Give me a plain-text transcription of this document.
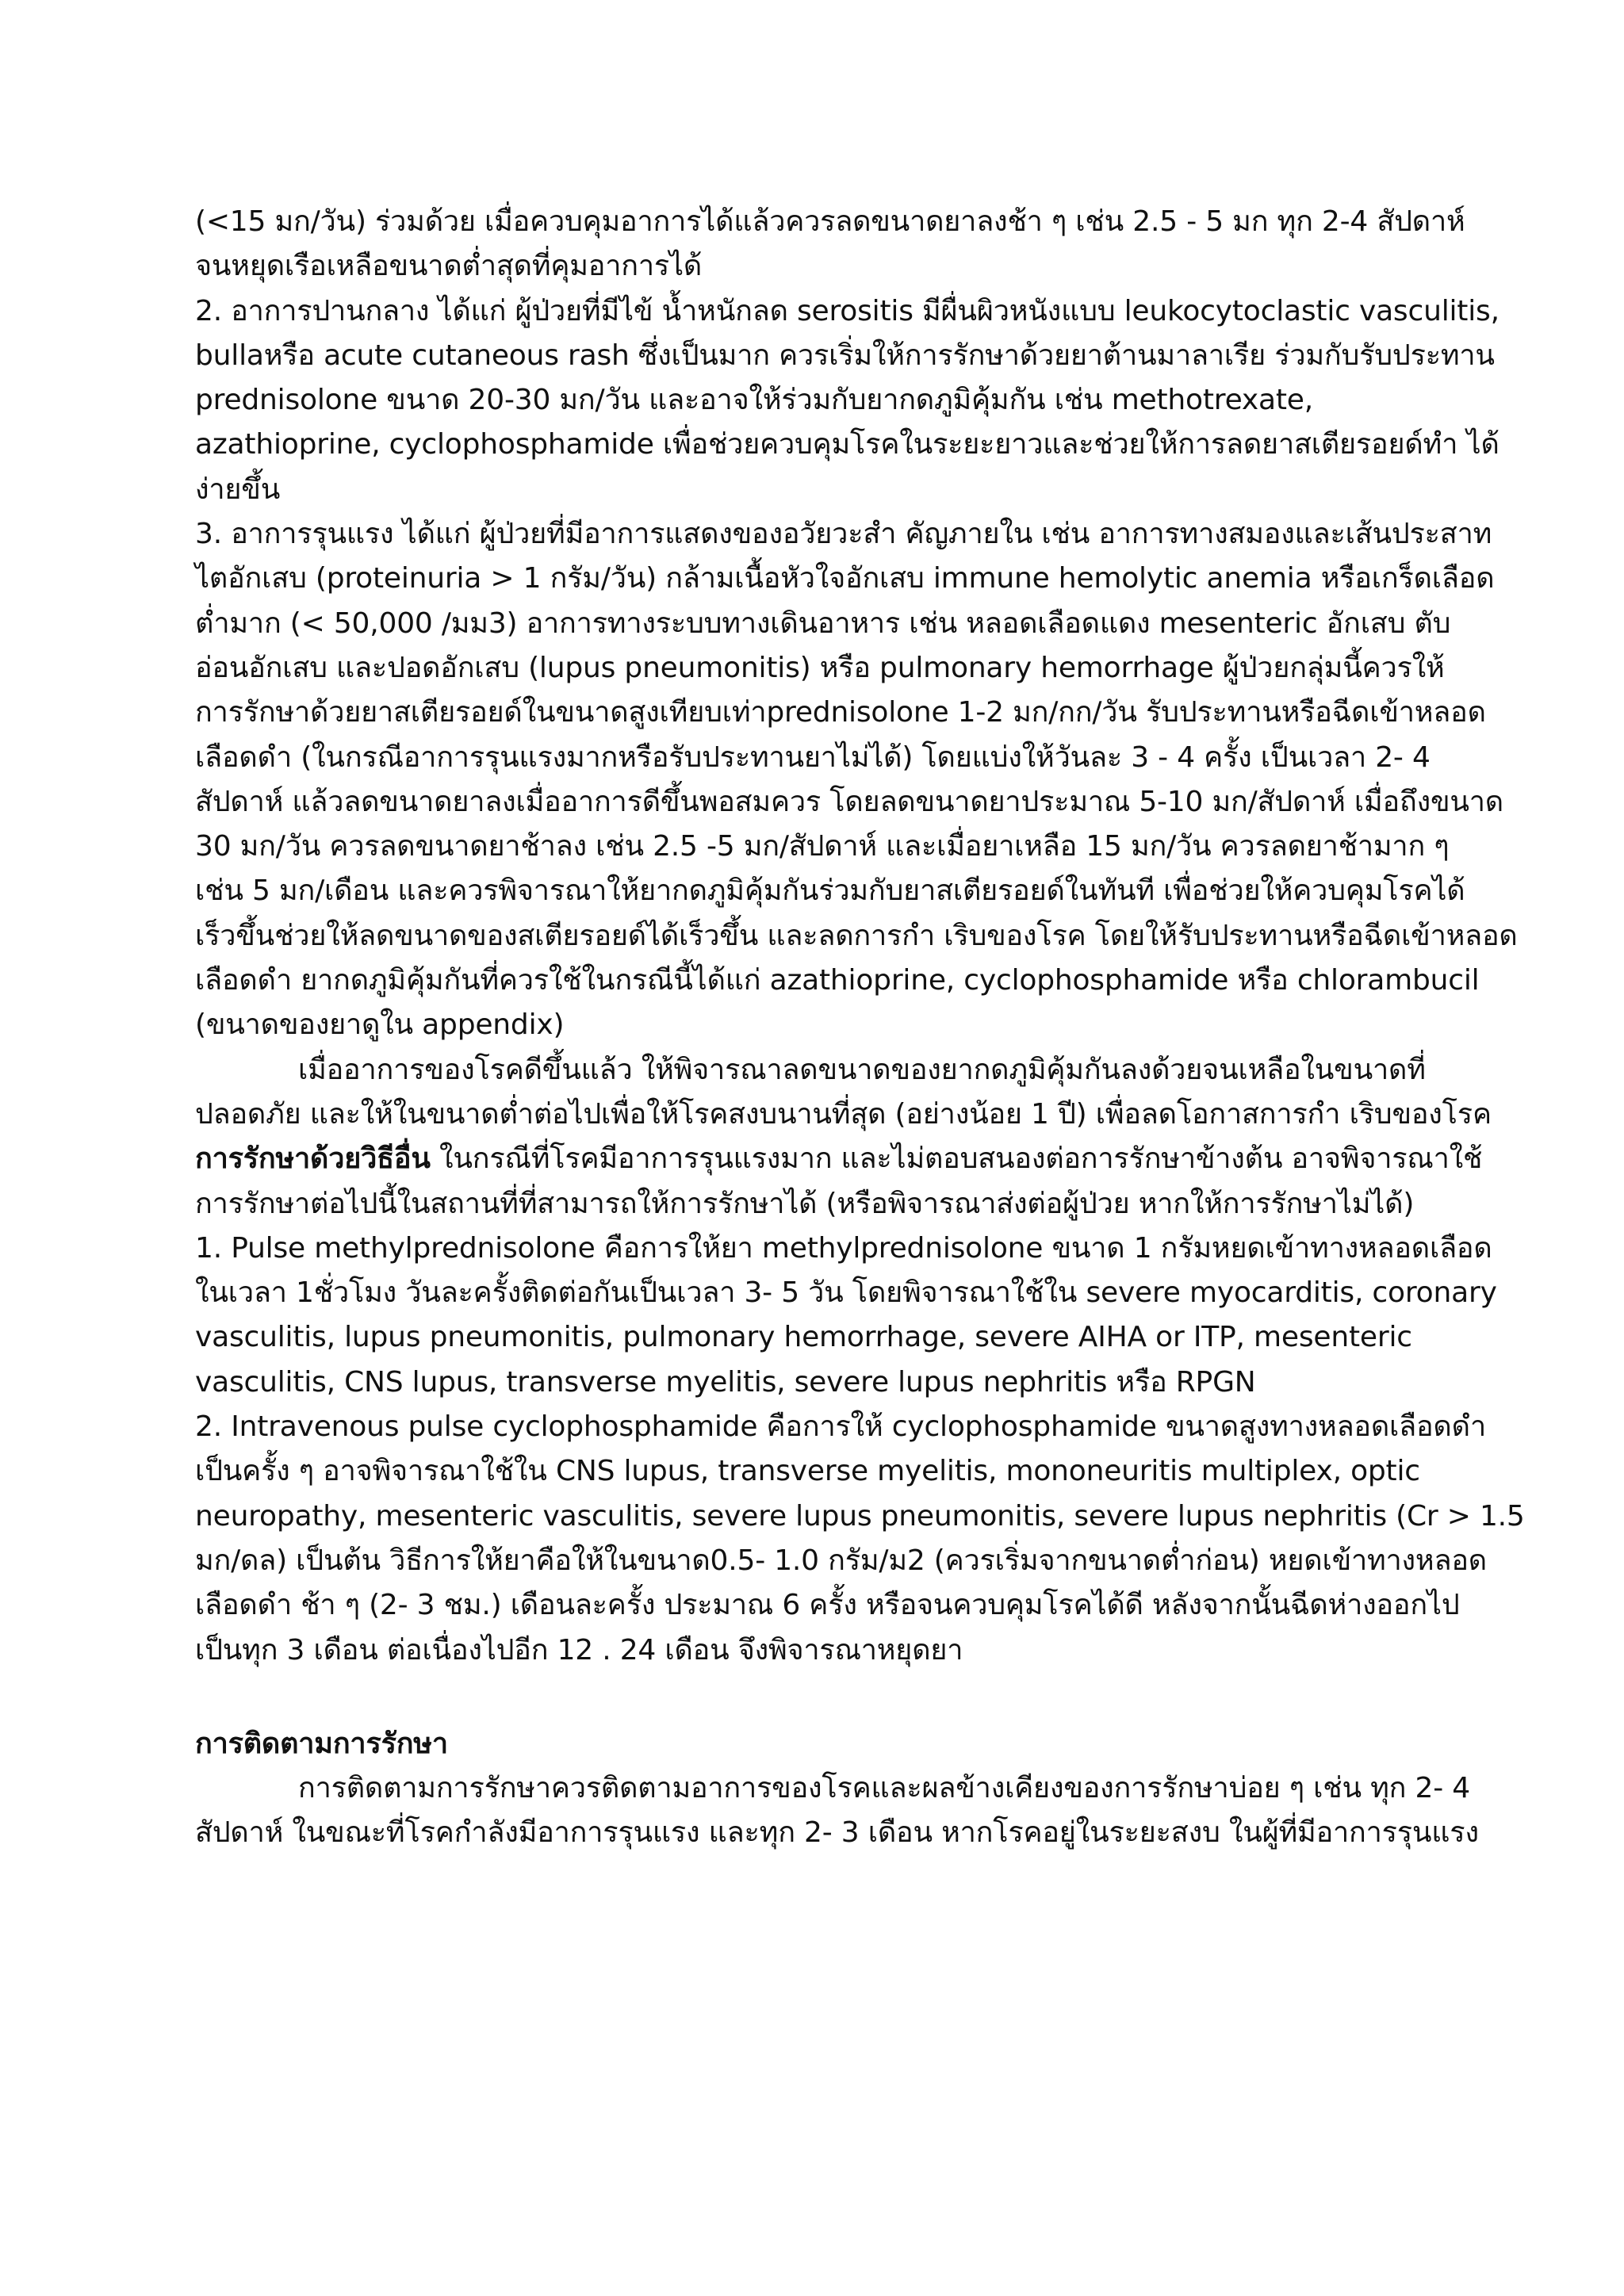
(<15 มก/วัน) ร่วมด้วย เมื่อควบคุมอาการได้แล้วควรลดขนาดยาลงช้า ๆ เช่น 2.5 - 5 มก ทุก 2-4 สัปดาห์
จนหยุดเรือเหลือขนาดต่ำสุดที่คุมอาการได้
2. อาการปานกลาง ได้แก่ ผู้ป่วยที่มีไข้ น้ำหนักลด serositis มีผื่นผิวหนังแบบ leukocytoclastic vasculitis,
bullaหรือ acute cutaneous rash ซึ่งเป็นมาก ควรเริ่มให้การรักษาด้วยยาต้านมาลาเรีย ร่วมกับรับประทาน
prednisolone ขนาด 20-30 มก/วัน และอาจให้ร่วมกับยากดภูมิคุ้มกัน เช่น methotrexate,
azathioprine, cyclophosphamide เพื่อช่วยควบคุมโรคในระยะยาวและช่วยให้การลดยาสเตียรอยด์ทำ ได้
ง่ายขึ้น
3. อาการรุนแรง ได้แก่ ผู้ป่วยที่มีอาการแสดงของอวัยวะสำ คัญภายใน เช่น อาการทางสมองและเส้นประสาท
ไตอักเสบ (proteinuria > 1 กรัม/วัน) กล้ามเนื้อหัวใจอักเสบ immune hemolytic anemia หรือเกร็ดเลือด
ต่ำมาก (< 50,000 /มม3) อาการทางระบบทางเดินอาหาร เช่น หลอดเลือดแดง mesenteric อักเสบ ตับ
อ่อนอักเสบ และปอดอักเสบ (lupus pneumonitis) หรือ pulmonary hemorrhage ผู้ป่วยกลุ่มนี้ควรให้
การรักษาด้วยยาสเตียรอยด์ในขนาดสูงเทียบเท่าprednisolone 1-2 มก/กก/วัน รับประทานหรือฉีดเข้าหลอด
เลือดดำ (ในกรณีอาการรุนแรงมากหรือรับประทานยาไม่ได้) โดยแบ่งให้วันละ 3 - 4 ครั้ง เป็นเวลา 2- 4
สัปดาห์ แล้วลดขนาดยาลงเมื่ออาการดีขึ้นพอสมควร โดยลดขนาดยาประมาณ 5-10 มก/สัปดาห์ เมื่อถึงขนาด
30 มก/วัน ควรลดขนาดยาช้าลง เช่น 2.5 -5 มก/สัปดาห์ และเมื่อยาเหลือ 15 มก/วัน ควรลดยาช้ามาก ๆ
เช่น 5 มก/เดือน และควรพิจารณาให้ยากดภูมิคุ้มกันร่วมกับยาสเตียรอยด์ในทันที เพื่อช่วยให้ควบคุมโรคได้
เร็วขึ้นช่วยให้ลดขนาดของสเตียรอยด์ได้เร็วขึ้น และลดการกำ เริบของโรค โดยให้รับประทานหรือฉีดเข้าหลอด
เลือดดำ ยากดภูมิคุ้มกันที่ควรใช้ในกรณีนี้ได้แก่ azathioprine, cyclophosphamide หรือ chlorambucil
(ขนาดของยาดูใน appendix)
เมื่ออาการของโรคดีขึ้นแล้ว ให้พิจารณาลดขนาดของยากดภูมิคุ้มกันลงด้วยจนเหลือในขนาดที่
ปลอดภัย และให้ในขนาดต่ำต่อไปเพื่อให้โรคสงบนานที่สุด (อย่างน้อย 1 ปี) เพื่อลดโอกาสการกำ เริบของโรค
การรักษาด้วยวิธีอื่น ในกรณีที่โรคมีอาการรุนแรงมาก และไม่ตอบสนองต่อการรักษาข้างต้น อาจพิจารณาใช้
การรักษาต่อไปนี้ในสถานที่ที่สามารถให้การรักษาได้ (หรือพิจารณาส่งต่อผู้ป่วย หากให้การรักษาไม่ได้)
1. Pulse methylprednisolone คือการให้ยา methylprednisolone ขนาด 1 กรัมหยดเข้าทางหลอดเลือด
ในเวลา 1ชั่วโมง วันละครั้งติดต่อกันเป็นเวลา 3- 5 วัน โดยพิจารณาใช้ใน severe myocarditis, coronary
vasculitis, lupus pneumonitis, pulmonary hemorrhage, severe AIHA or ITP, mesenteric
vasculitis, CNS lupus, transverse myelitis, severe lupus nephritis หรือ RPGN
2. Intravenous pulse cyclophosphamide คือการให้ cyclophosphamide ขนาดสูงทางหลอดเลือดดำ
เป็นครั้ง ๆ อาจพิจารณาใช้ใน CNS lupus, transverse myelitis, mononeuritis multiplex, optic
neuropathy, mesenteric vasculitis, severe lupus pneumonitis, severe lupus nephritis (Cr > 1.5
มก/ดล) เป็นต้น วิธีการให้ยาคือให้ในขนาด0.5- 1.0 กรัม/ม2 (ควรเริ่มจากขนาดต่ำก่อน) หยดเข้าทางหลอด
เลือดดำ ช้า ๆ (2- 3 ชม.) เดือนละครั้ง ประมาณ 6 ครั้ง หรือจนควบคุมโรคได้ดี หลังจากนั้นฉีดห่างออกไป
เป็นทุก 3 เดือน ต่อเนื่องไปอีก 12 . 24 เดือน จึงพิจารณาหยุดยา
การติดตามการรักษา
การติดตามการรักษาควรติดตามอาการของโรคและผลข้างเคียงของการรักษาบ่อย ๆ เช่น ทุก 2- 4
สัปดาห์ ในขณะที่โรคกำลังมีอาการรุนแรง และทุก 2- 3 เดือน หากโรคอยู่ในระยะสงบ ในผู้ที่มีอาการรุนแรง
